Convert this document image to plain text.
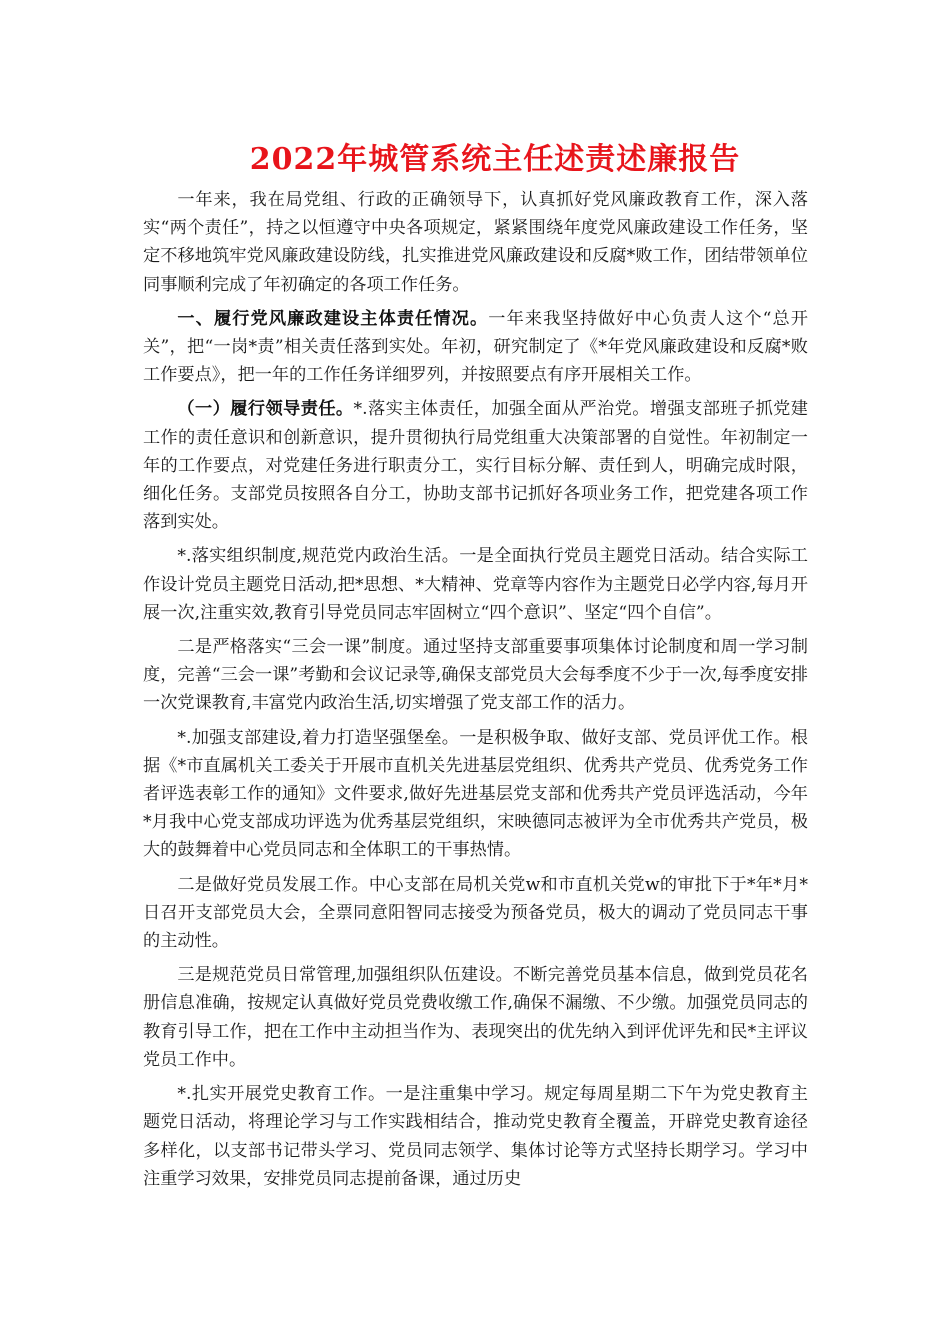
2022年城管系统主任述责述廉报告

一年来，我在局党组、行政的正确领导下，认真抓好党风廉政教育工作，深入落实“两个责任”，持之以恒遵守中央各项规定，紧紧围绕年度党风廉政建设工作任务，坚定不移地筑牢党风廉政建设防线，扎实推进党风廉政建设和反腐*败工作，团结带领单位同事顺利完成了年初确定的各项工作任务。

一、履行党风廉政建设主体责任情况。一年来我坚持做好中心负责人这个“总开关”，把“一岗*责”相关责任落到实处。年初，研究制定了《*年党风廉政建设和反腐*败工作要点》，把一年的工作任务详细罗列，并按照要点有序开展相关工作。

（一）履行领导责任。*.落实主体责任，加强全面从严治党。增强支部班子抓党建工作的责任意识和创新意识，提升贯彻执行局党组重大决策部署的自觉性。年初制定一年的工作要点，对党建任务进行职责分工，实行目标分解、责任到人，明确完成时限，细化任务。支部党员按照各自分工，协助支部书记抓好各项业务工作，把党建各项工作落到实处。

*.落实组织制度,规范党内政治生活。一是全面执行党员主题党日活动。结合实际工作设计党员主题党日活动,把*思想、*大精神、党章等内容作为主题党日必学内容,每月开展一次,注重实效,教育引导党员同志牢固树立“四个意识”、坚定“四个自信”。

二是严格落实“三会一课”制度。通过坚持支部重要事项集体讨论制度和周一学习制度，完善“三会一课”考勤和会议记录等,确保支部党员大会每季度不少于一次,每季度安排一次党课教育,丰富党内政治生活,切实增强了党支部工作的活力。

*.加强支部建设,着力打造坚强堡垒。一是积极争取、做好支部、党员评优工作。根据《*市直属机关工委关于开展市直机关先进基层党组织、优秀共产党员、优秀党务工作者评选表彰工作的通知》文件要求,做好先进基层党支部和优秀共产党员评选活动，今年*月我中心党支部成功评选为优秀基层党组织，宋映德同志被评为全市优秀共产党员，极大的鼓舞着中心党员同志和全体职工的干事热情。

二是做好党员发展工作。中心支部在局机关党w和市直机关党w的审批下于*年*月*日召开支部党员大会，全票同意阳智同志接受为预备党员，极大的调动了党员同志干事的主动性。

三是规范党员日常管理,加强组织队伍建设。不断完善党员基本信息，做到党员花名册信息准确，按规定认真做好党员党费收缴工作,确保不漏缴、不少缴。加强党员同志的教育引导工作，把在工作中主动担当作为、表现突出的优先纳入到评优评先和民*主评议党员工作中。

*.扎实开展党史教育工作。一是注重集中学习。规定每周星期二下午为党史教育主题党日活动，将理论学习与工作实践相结合，推动党史教育全覆盖，开辟党史教育途径多样化，以支部书记带头学习、党员同志领学、集体讨论等方式坚持长期学习。学习中注重学习效果，安排党员同志提前备课，通过历史
